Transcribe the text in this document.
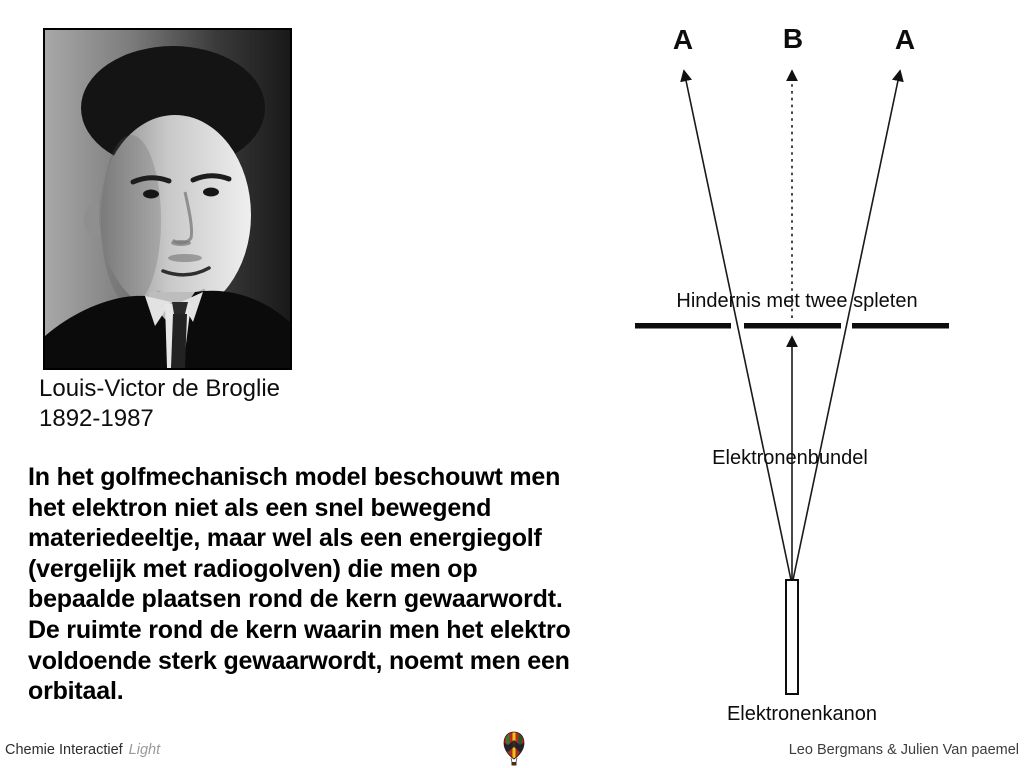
Louis-Victor de Broglie
1892-1987
In het golfmechanisch model beschouwt men
het elektron niet als een snel bewegend
materiedeeltje, maar wel als een energiegolf
(vergelijk met radiogolven) die men op
bepaalde plaatsen rond de kern gewaarwordt.
De ruimte rond de kern waarin men het elektro
voldoende sterk gewaarwordt, noemt men een
orbitaal.
A	B	A
Hindernis met twee spleten
Elektronenbundel
Elektronenkanon
Chemie Interactief Light	Leo Bergmans & Julien Van paemel
